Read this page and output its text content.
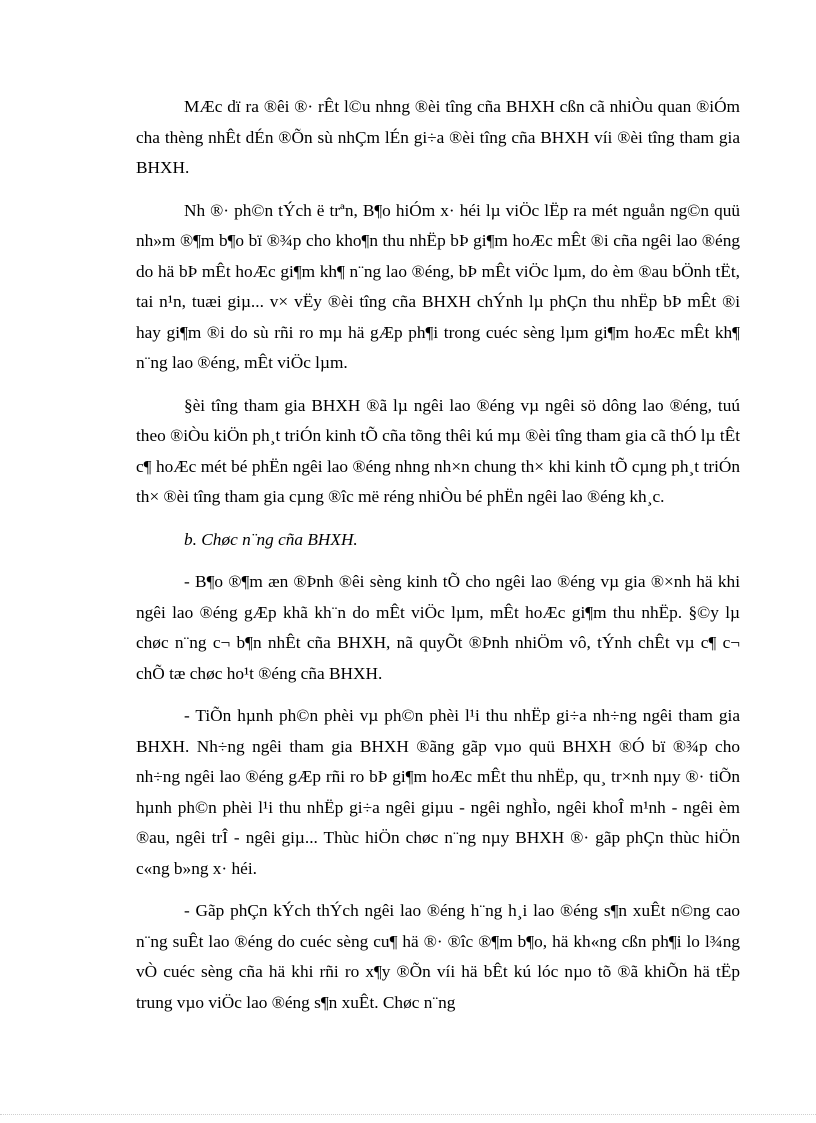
MÆc dï ra ®êi ®· rÊt l©u nhng ®èi tîng cña BHXH cßn cã nhiÒu quan ®iÓm cha thèng nhÊt dÉn ®Õn sù nhÇm lÉn gi÷a ®èi tîng cña BHXH víi ®èi tîng tham gia BHXH.

Nh ®· ph©n tÝch ë trªn, B¶o hiÓm x· héi lµ viÖc lËp ra mét nguån ng©n quü nh»m ®¶m b¶o bï ®¾p cho kho¶n thu nhËp bÞ gi¶m hoÆc mÊt ®i cña ngêi lao ®éng do hä bÞ mÊt hoÆc gi¶m kh¶ n¨ng lao ®éng, bÞ mÊt viÖc lµm, do èm ®au bÖnh tËt, tai n¹n, tuæi giµ... v× vËy ®èi tîng cña BHXH chÝnh lµ phÇn thu nhËp bÞ mÊt ®i hay gi¶m ®i do sù rñi ro mµ hä gÆp ph¶i trong cuéc sèng lµm gi¶m hoÆc mÊt kh¶ n¨ng lao ®éng, mÊt viÖc lµm.

§èi tîng tham gia BHXH ®ã lµ ngêi lao ®éng vµ ngêi sö dông lao ®éng, tuú theo ®iÒu kiÖn ph¸t triÓn kinh tÕ cña tõng thêi kú mµ ®èi tîng tham gia cã thÓ lµ tÊt c¶ hoÆc mét bé phËn ngêi lao ®éng nhng nh×n chung th× khi kinh tÕ cµng ph¸t triÓn th× ®èi tîng tham gia cµng ®îc më réng nhiÒu bé phËn ngêi lao ®éng kh¸c.

b. Chøc n¨ng cña BHXH.

- B¶o ®¶m æn ®Þnh ®êi sèng kinh tÕ cho ngêi lao ®éng vµ gia ®×nh hä khi ngêi lao ®éng gÆp khã kh¨n do mÊt viÖc lµm, mÊt hoÆc gi¶m thu nhËp. §©y lµ chøc n¨ng c¬ b¶n nhÊt cña BHXH, nã quyÕt ®Þnh nhiÖm vô, tÝnh chÊt vµ c¶ c¬ chÕ tæ chøc ho¹t ®éng cña BHXH.

- TiÕn hµnh ph©n phèi vµ ph©n phèi l¹i thu nhËp gi÷a nh÷ng ngêi tham gia BHXH. Nh÷ng ngêi tham gia BHXH ®ãng gãp vµo quü BHXH ®Ó bï ®¾p cho nh÷ng ngêi lao ®éng gÆp rñi ro bÞ gi¶m hoÆc mÊt thu nhËp, qu¸ tr×nh nµy ®· tiÕn hµnh ph©n phèi l¹i thu nhËp gi÷a ngêi giµu - ngêi nghÌo, ngêi khoÎ m¹nh - ngêi èm ®au, ngêi trÎ - ngêi giµ... Thùc hiÖn chøc n¨ng nµy BHXH ®· gãp phÇn thùc hiÖn c«ng b»ng x· héi.

- Gãp phÇn kÝch thÝch ngêi lao ®éng h¨ng h¸i lao ®éng s¶n xuÊt n©ng cao n¨ng suÊt lao ®éng do cuéc sèng cu¶ hä ®· ®îc ®¶m b¶o, hä kh«ng cßn ph¶i lo l¾ng vÒ cuéc sèng cña hä khi rñi ro x¶y ®Õn víi hä bÊt kú lóc nµo tõ ®ã khiÕn hä tËp trung vµo viÖc lao ®éng s¶n xuÊt. Chøc n¨ng
